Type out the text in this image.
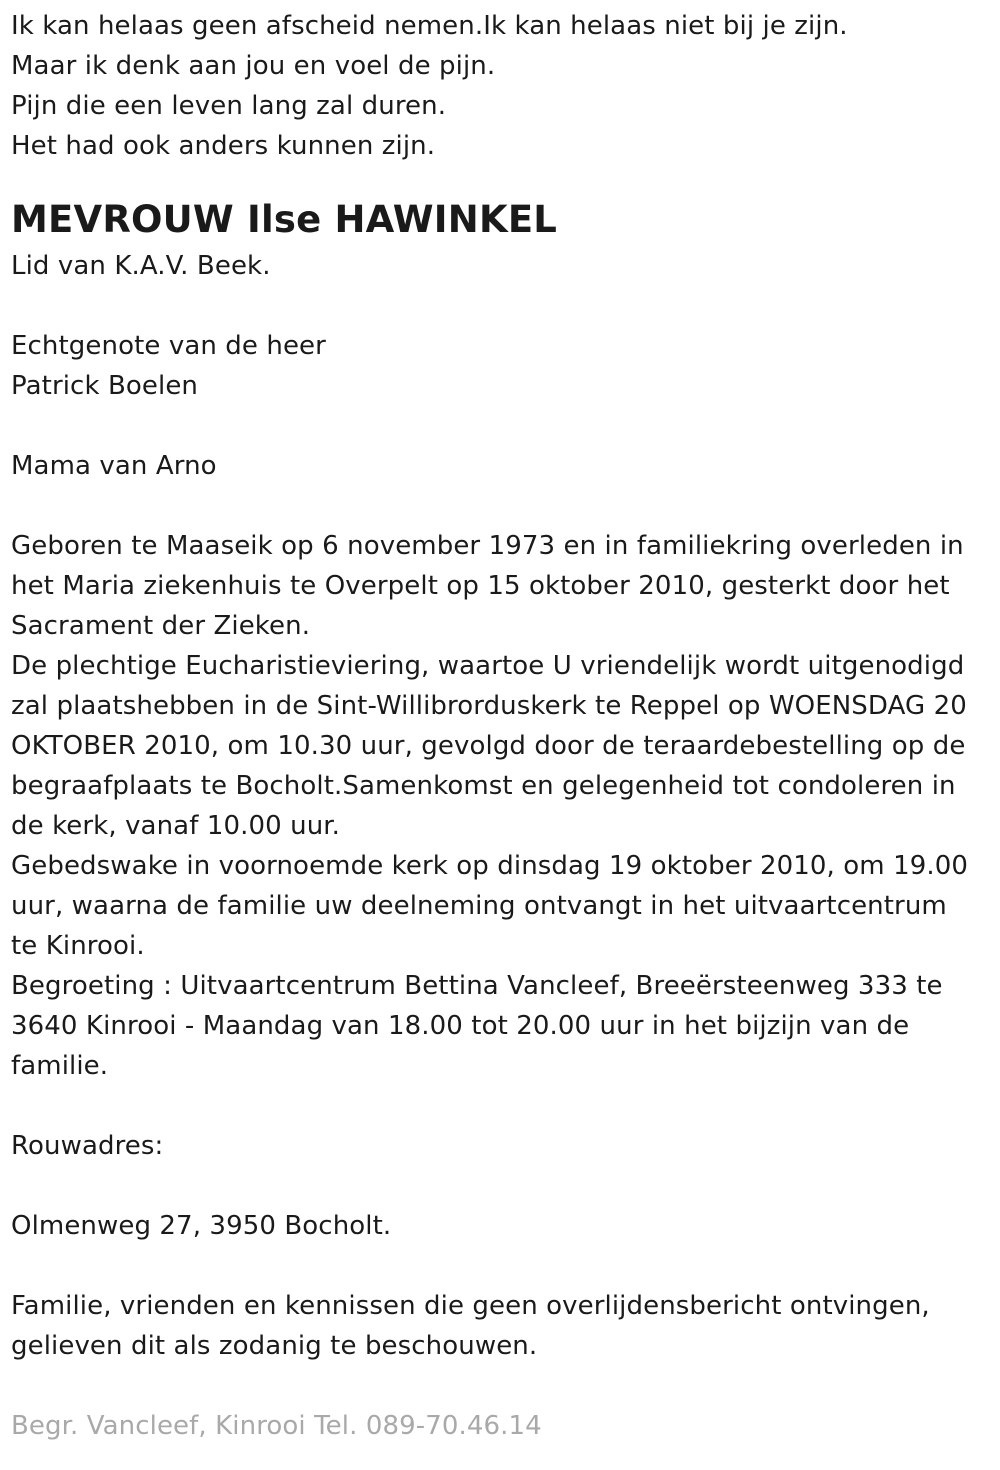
Ik kan helaas geen afscheid nemen.Ik kan helaas niet bij je zijn.
Maar ik denk aan jou en voel de pijn.
Pijn die een leven lang zal duren.
Het had ook anders kunnen zijn.
MEVROUW Ilse HAWINKEL
Lid van K.A.V. Beek.
Echtgenote van de heer
Patrick Boelen
Mama van Arno
Geboren te Maaseik op 6 november 1973 en in familiekring overleden in
het Maria ziekenhuis te Overpelt op 15 oktober 2010, gesterkt door het
Sacrament der Zieken.
De plechtige Eucharistieviering, waartoe U vriendelijk wordt uitgenodigd
zal plaatshebben in de Sint-Willibrorduskerk te Reppel op WOENSDAG 20
OKTOBER 2010, om 10.30 uur, gevolgd door de teraardebestelling op de
begraafplaats te Bocholt.Samenkomst en gelegenheid tot condoleren in
de kerk, vanaf 10.00 uur.
Gebedswake in voornoemde kerk op dinsdag 19 oktober 2010, om 19.00
uur, waarna de familie uw deelneming ontvangt in het uitvaartcentrum
te Kinrooi.
Begroeting : Uitvaartcentrum Bettina Vancleef, Breeërsteenweg 333 te
3640 Kinrooi - Maandag van 18.00 tot 20.00 uur in het bijzijn van de
familie.
Rouwadres:
Olmenweg 27, 3950 Bocholt.
Familie, vrienden en kennissen die geen overlijdensbericht ontvingen,
gelieven dit als zodanig te beschouwen.
Begr. Vancleef, Kinrooi Tel. 089-70.46.14
